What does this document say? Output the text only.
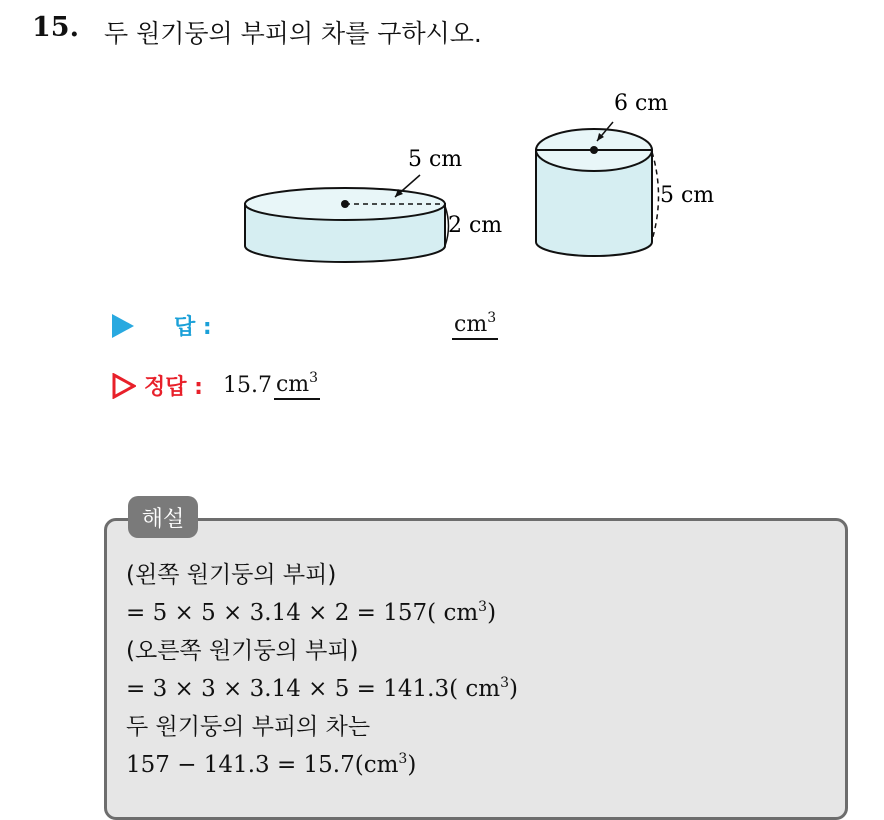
15. 두 원기둥의 부피의 차를 구하시오.
5 cm
2 cm
6 cm
5 cm
답 :	$cm^3$
정답 : 15.7 $cm^3$
해설
(왼쪽 원기둥의 부피)
= 5 × 5 × 3.14 × 2 = 157( $cm^3$)
(오른쪽 원기둥의 부피)
= 3 × 3 × 3.14 × 5 = 141.3( $cm^3$)
두 원기둥의 부피의 차는
$157 - 141.3 = 15.7(cm^3)$
